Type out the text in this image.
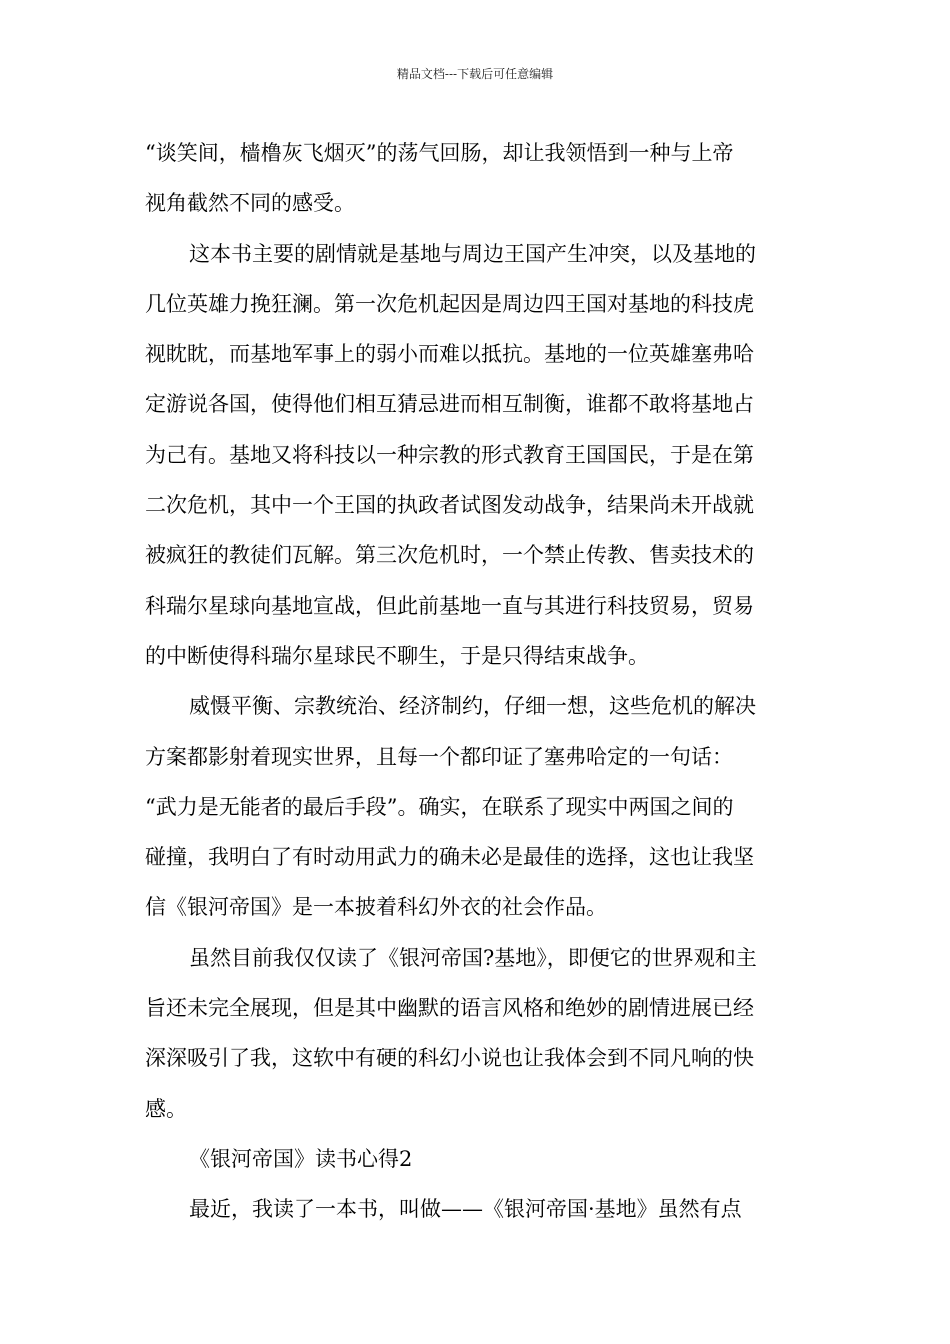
精品文档---下载后可任意编辑
“谈笑间，樯橹灰飞烟灭”的荡气回肠，却让我领悟到一种与上帝
视角截然不同的感受。
这本书主要的剧情就是基地与周边王国产生冲突，以及基地的
几位英雄力挽狂澜。第一次危机起因是周边四王国对基地的科技虎
视眈眈，而基地军事上的弱小而难以抵抗。基地的一位英雄塞弗哈
定游说各国，使得他们相互猜忌进而相互制衡，谁都不敢将基地占
为己有。基地又将科技以一种宗教的形式教育王国国民，于是在第
二次危机，其中一个王国的执政者试图发动战争，结果尚未开战就
被疯狂的教徒们瓦解。第三次危机时，一个禁止传教、售卖技术的
科瑞尔星球向基地宣战，但此前基地一直与其进行科技贸易，贸易
的中断使得科瑞尔星球民不聊生，于是只得结束战争。
威慑平衡、宗教统治、经济制约，仔细一想，这些危机的解决
方案都影射着现实世界，且每一个都印证了塞弗哈定的一句话：
“武力是无能者的最后手段”。确实，在联系了现实中两国之间的
碰撞，我明白了有时动用武力的确未必是最佳的选择，这也让我坚
信《银河帝国》是一本披着科幻外衣的社会作品。
虽然目前我仅仅读了《银河帝国?基地》，即便它的世界观和主
旨还未完全展现，但是其中幽默的语言风格和绝妙的剧情进展已经
深深吸引了我，这软中有硬的科幻小说也让我体会到不同凡响的快
感。
《银河帝国》读书心得2
最近，我读了一本书，叫做——《银河帝国·基地》虽然有点
